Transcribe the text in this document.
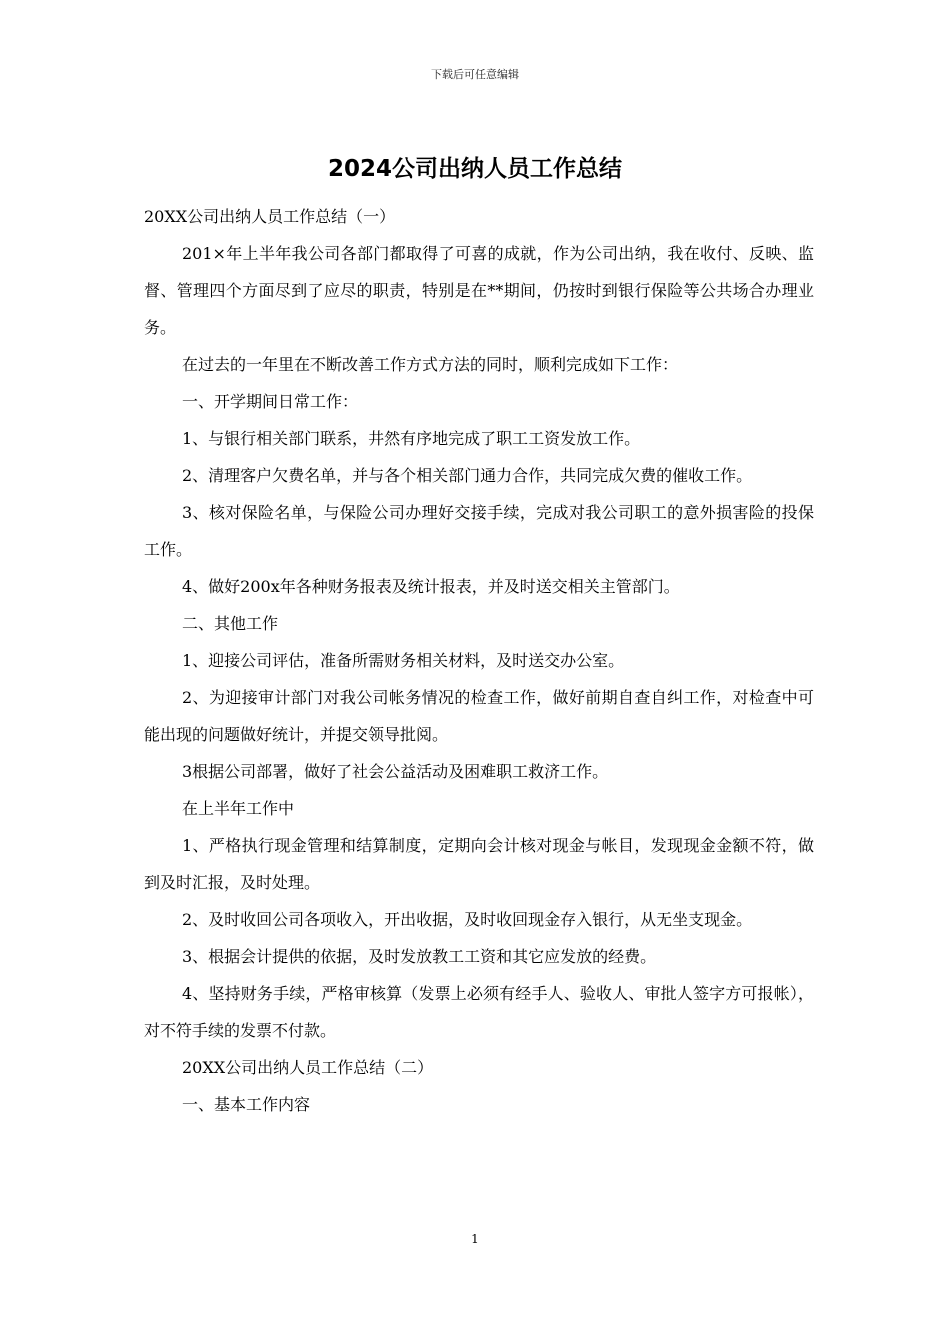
下载后可任意编辑
2024公司出纳人员工作总结

20XX公司出纳人员工作总结（一）

201×年上半年我公司各部门都取得了可喜的成就，作为公司出纳，我在收付、反映、监督、管理四个方面尽到了应尽的职责，特别是在**期间，仍按时到银行保险等公共场合办理业务。

在过去的一年里在不断改善工作方式方法的同时，顺利完成如下工作：

一、开学期间日常工作：

1、与银行相关部门联系，井然有序地完成了职工工资发放工作。

2、清理客户欠费名单，并与各个相关部门通力合作，共同完成欠费的催收工作。

3、核对保险名单，与保险公司办理好交接手续，完成对我公司职工的意外损害险的投保工作。

4、做好200x年各种财务报表及统计报表，并及时送交相关主管部门。

二、其他工作

1、迎接公司评估，准备所需财务相关材料，及时送交办公室。

2、为迎接审计部门对我公司帐务情况的检查工作，做好前期自查自纠工作，对检查中可能出现的问题做好统计，并提交领导批阅。

3根据公司部署，做好了社会公益活动及困难职工救济工作。

在上半年工作中

1、严格执行现金管理和结算制度，定期向会计核对现金与帐目，发现现金金额不符，做到及时汇报，及时处理。

2、及时收回公司各项收入，开出收据，及时收回现金存入银行，从无坐支现金。

3、根据会计提供的依据，及时发放教工工资和其它应发放的经费。

4、坚持财务手续，严格审核算（发票上必须有经手人、验收人、审批人签字方可报帐），对不符手续的发票不付款。

20XX公司出纳人员工作总结（二）

一、基本工作内容

1
